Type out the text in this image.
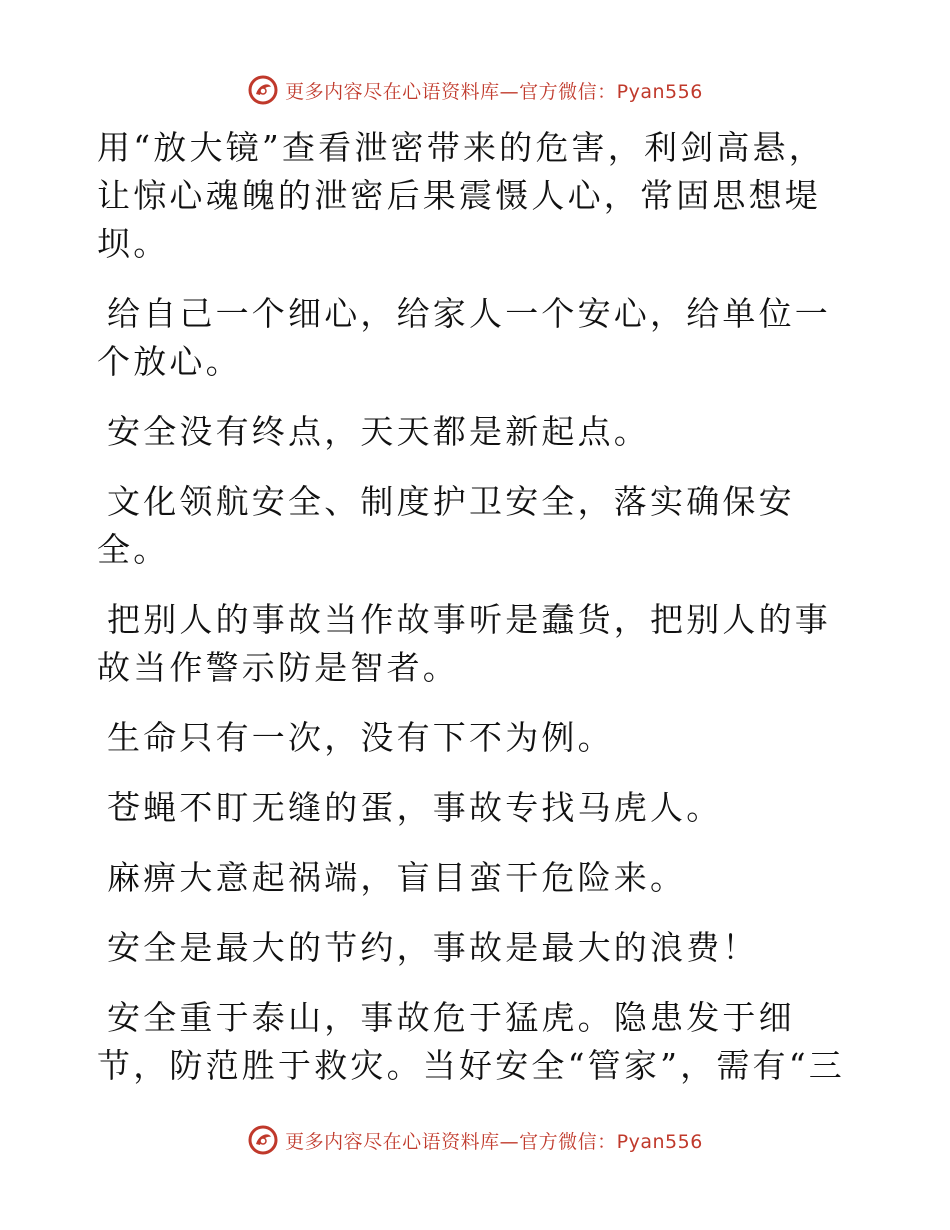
更多内容尽在心语资料库—官方微信：Pyan556

用“放大镜”查看泄密带来的危害，利剑高悬，让惊心魂魄的泄密后果震慑人心，常固思想堤坝。

给自己一个细心，给家人一个安心，给单位一个放心。

安全没有终点，天天都是新起点。

文化领航安全、制度护卫安全，落实确保安全。

把别人的事故当作故事听是蠢货，把别人的事故当作警示防是智者。

生命只有一次，没有下不为例。

苍蝇不盯无缝的蛋，事故专找马虎人。

麻痹大意起祸端，盲目蛮干危险来。

安全是最大的节约，事故是最大的浪费！

安全重于泰山，事故危于猛虎。隐患发于细节，防范胜于救灾。当好安全“管家”，需有“三

更多内容尽在心语资料库—官方微信：Pyan556
